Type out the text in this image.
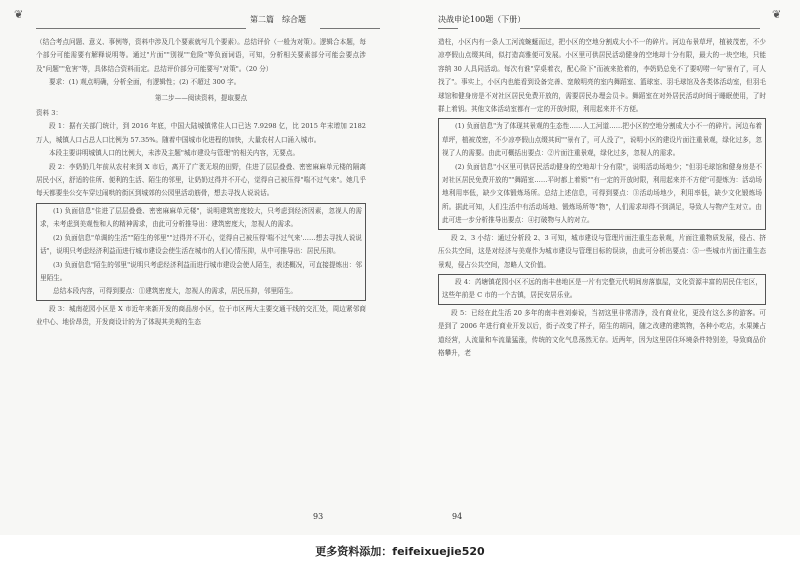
❦	第二篇　综合题
93

（结合考点问题、意义、事例等，资料中涉及几个要素就写几个要素）。总结评价（一般为对策）。逻辑合本题，每个部分可能需要有解释说明等。通过"片面""别视""危险"等负面词语，可知，分析相关要素部分可能会要点涉及"问题""危害"等，具体结合资料而定。总结评价部分可能要写"对策"。（20 分）

要求：(1) 观点明确，分析全面，有逻辑性；(2) 不超过 300 字。

第二步——阅读资料，提取要点

资料 3：

段 1：据有关部门统计，到 2016 年底，中国大陆城镇常住人口已达 7.9298 亿，比 2015 年末增加 2182 万人，城镇人口占总人口比例为 57.35%。随着中国城市化进程的加快，大量农村人口涌入城市。

本段主要讲明城镇人口的比例大，未涉及主题"城市建设与管理"的相关内容，无要点。

段 2：李奶奶几年前从农村来到 X 市后，离开了广袤无垠的田野，住进了层层叠叠、密密麻麻单元楼的隔离居民小区，舒适的住所、便利的生活、陌生的邻里，让奶奶过得并不开心，觉得自己被压得"喘不过气来"。她几乎每天都要坐公交车穿过闹哄的街区到城郊的公园里活动筋骨，想去寻找人说说话。

(1) 负面信息"住进了层层叠叠、密密麻麻单元楼"，说明建筑密度较大，只考虑到经济因素，忽视人的需求，未考虑到美观性和人的精神需求，由此可分析推导出：建筑密度大，忽视人的需求。

(2) 负面信息"单调的生活""陌生的邻里""过得并不开心，觉得自己被压得'喘不过气来'……想去寻找人说说话"，说明只考虑经济利益而进行城市建设会使生活在城市的人们心情压抑，从中可推导出：居民压抑。

(3) 负面信息"陌生的邻里"说明只考虑经济利益而进行城市建设会使人陌生，表述概况，可直接提炼出：邻里陌生。

总结本段内容，可得到要点：①建筑密度大，忽视人的需求，居民压抑，邻里陌生。

段 3：城南花园小区是 X 市近年来新开发的商品房小区，位于市区两大主要交通干线的交汇处，周边紧邻商业中心、地价昂贵，开发商设计的为了体现其美观的生态

决战申论100题（下册）	❦
94

造柱，小区内有一条人工河流蜿蜒而过，把小区的空地分割成大小不一的碎片。河边布景草坪，植被茂密，不少凉亭假山点缀其间，似打造高雅便可发展。小区里可供居民活动健身的空地却十分有限，最大的一块空地，只能容纳 30 人具同活动。每次有谁"穿桌着衣，配心险下"而被来抢着的，李奶奶总免不了要叨唠一句"景有了，可人找了"。事实上，小区内也能看到设备完善、宽敞明亮的室内舞蹈室、篮球室、羽毛球馆及各类体活动室，但羽毛球馆和健身房是不对社区居民免费开放的，需要居民办理会员卡。舞蹈室在对外居民活动时间于睡眠使用，了时群上着钥。其他文体活动室都有一定的开放时限，利用起来并不方便。

(1) 负面信息"为了体现其景观的生态性……人工河道……把小区的空地分割成大小不一的碎片。河边布着草坪，植被茂密，不少凉亭假山点缀其间""景有了，可人没了"，说明小区的建设片面注重景观，绿化过多，忽视了人的需要。由此可概括出要点：②片面注重景观，绿化过多，忽视人的需求。

(2) 负面信息"小区里可供居民活动健身的空地却十分有限"，说明活动场地少；"但羽毛球馆和健身房是不对社区居民免费开放的""舞蹈室……平时都上着锁""有一定的开放时限，利用起来并不方便"可提炼为：活动场地利用率低，缺少文体锻炼场所。总结上述信息，可得到要点：③活动场地少，利用率低，缺少文化锻炼场所。据此可知，人们生活中有活动场地、锻炼场所等"物"，人们需求却得不到满足，导致人与物产生对立。由此可进一步分析推导出要点：④打破物与人的对立。

段 2、3 小结：通过分析段 2、3 可知，城市建设与管理片面注重生态景观，片面注重物质发展，侵占、挤压公共空间，这是对经济与美观作为城市建设与管理目标的误读，由此可分析出要点：⑤一些城市片面注重生态景观，侵占公共空间，忽略人文价值。

段 4：芮塘镇花园小区不远的南丰巷地区是一片有完整元代明间房落旗屋，文化资源丰富的居民住宅区，这些年前是 C 市的一个古镇，居民安居乐业。

段 5：已经在此生活 20 多年的南丰巷刘泰说，当初这里非常清净，没有商业化，更没有这么多的游客。可是到了 2006 年进行商业开发以后，街子改变了样子，陌生的胡同，随之改建的建筑物，各种小吃店，水果摊占道经营，人流量和车流量猛涨，传统的文化气息荡然无存。近两年，因为这里居住环境条件特别差，导致商品价格攀升，老

更多资料添加：feifeixuejie520
